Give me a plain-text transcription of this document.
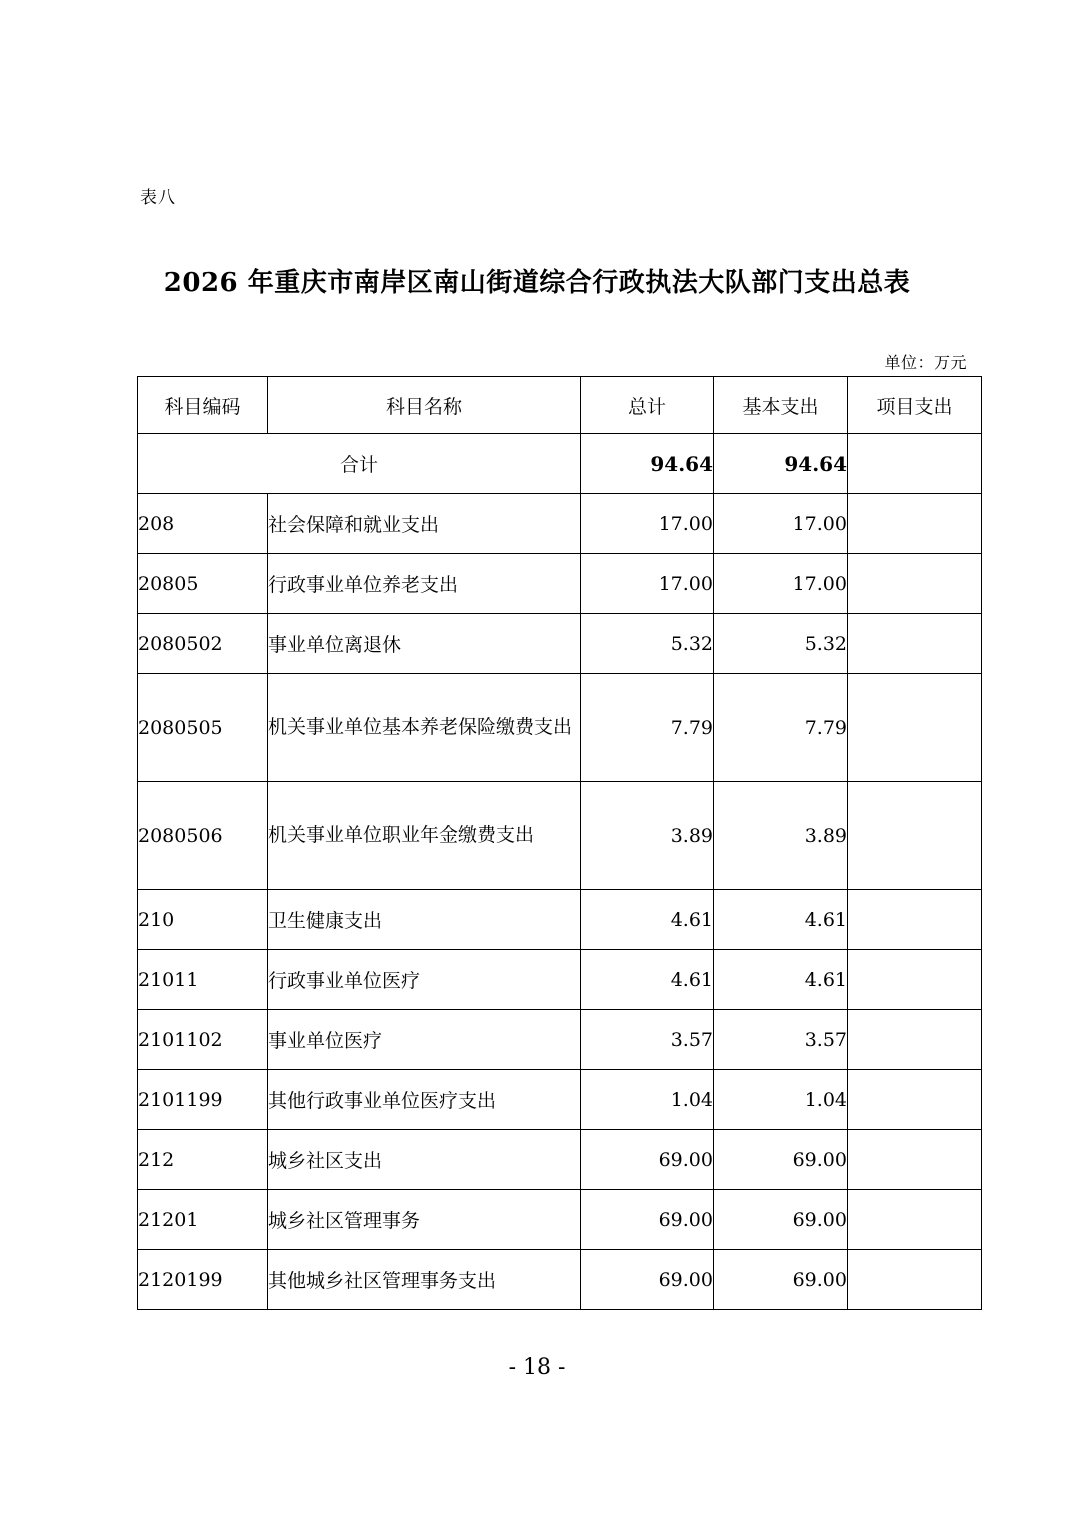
表八
2026 年重庆市南岸区南山街道综合行政执法大队部门支出总表
单位：万元
科目编码	科目名称	总计	基本支出	项目支出
合计		94.64	94.64	
208	社会保障和就业支出	17.00	17.00	
20805	行政事业单位养老支出	17.00	17.00	
2080502	事业单位离退休	5.32	5.32	
2080505	机关事业单位基本养老保险缴费支出	7.79	7.79	
2080506	机关事业单位职业年金缴费支出	3.89	3.89	
210	卫生健康支出	4.61	4.61	
21011	行政事业单位医疗	4.61	4.61	
2101102	事业单位医疗	3.57	3.57	
2101199	其他行政事业单位医疗支出	1.04	1.04	
212	城乡社区支出	69.00	69.00	
21201	城乡社区管理事务	69.00	69.00	
2120199	其他城乡社区管理事务支出	69.00	69.00	
- 18 -
